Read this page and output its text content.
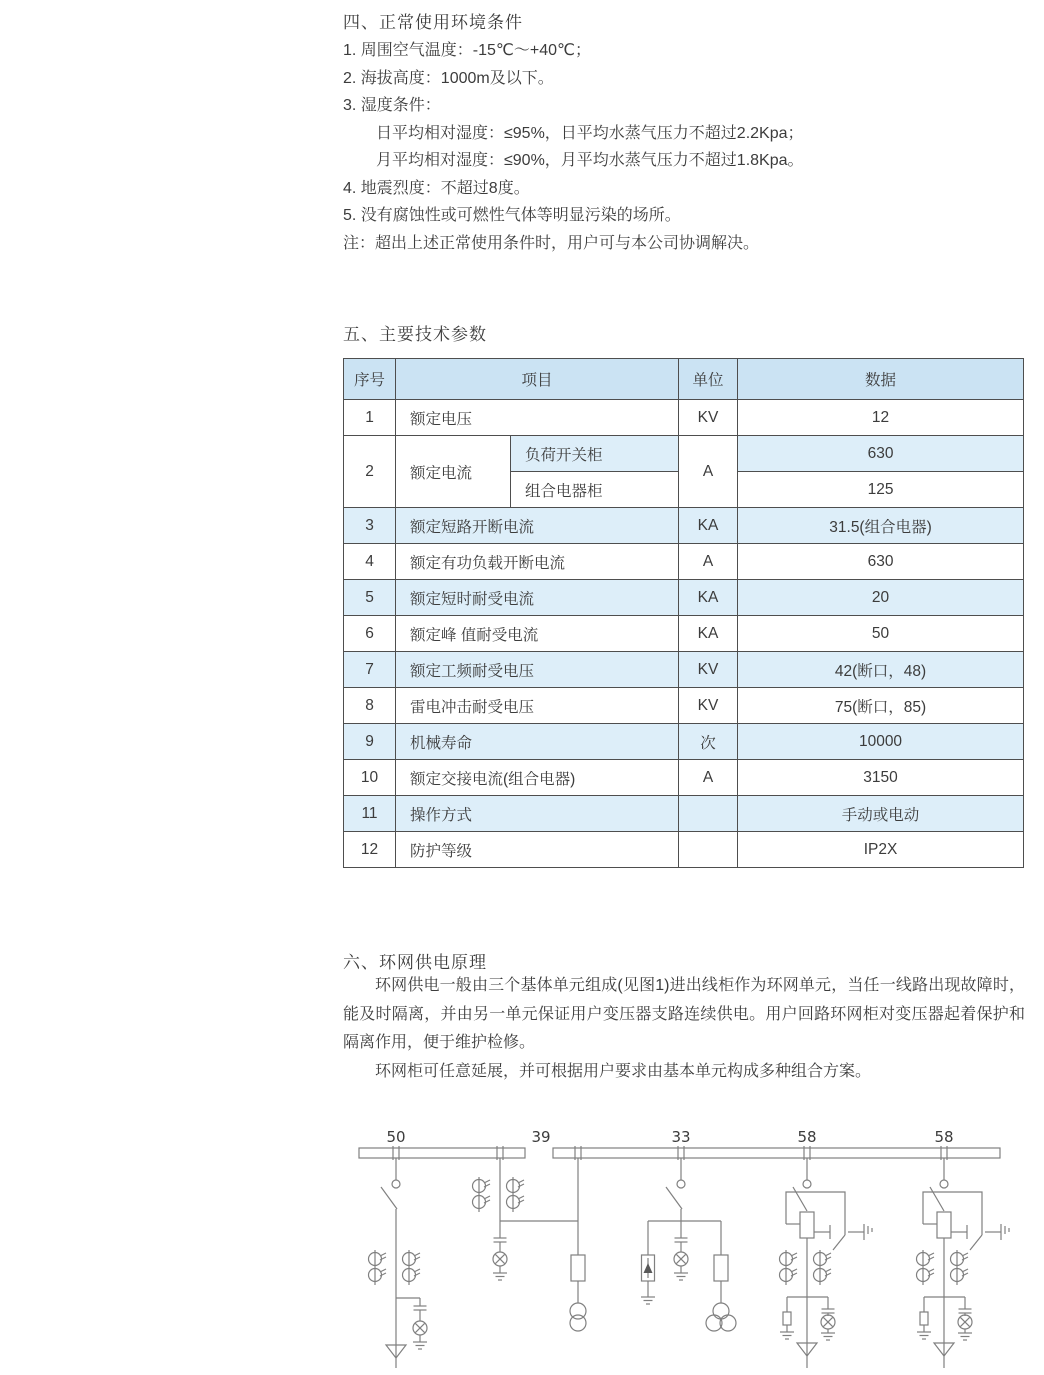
四、正常使用环境条件
1. 周围空气温度：-15℃～+40℃；
2. 海拔高度：1000m及以下。
3. 湿度条件：
日平均相对湿度：≤95%，日平均水蒸气压力不超过2.2Kpa；
月平均相对湿度：≤90%，月平均水蒸气压力不超过1.8Kpa。
4. 地震烈度：不超过8度。
5. 没有腐蚀性或可燃性气体等明显污染的场所。
注：超出上述正常使用条件时，用户可与本公司协调解决。
五、主要技术参数
序号	项目		单位	数据
1	额定电压		KV	12
2	额定电流	负荷开关柜	A	630
		组合电器柜		125
3	额定短路开断电流		KA	31.5(组合电器)
4	额定有功负载开断电流		A	630
5	额定短时耐受电流		KA	20
6	额定峰 值耐受电流		KA	50
7	额定工频耐受电压		KV	42(断口，48)
8	雷电冲击耐受电压		KV	75(断口，85)
9	机械寿命		次	10000
10	额定交接电流(组合电器)		A	3150
11	操作方式			手动或电动
12	防护等级			IP2X
六、环网供电原理

环网供电一般由三个基体单元组成(见图1)进出线柜作为环网单元，当任一线路出现故障时，能及时隔离，并由另一单元保证用户变压器支路连续供电。用户回路环网柜对变压器起着保护和隔离作用，便于维护检修。

环网柜可任意延展，并可根据用户要求由基本单元构成多种组合方案。

50	39	33	58	58
